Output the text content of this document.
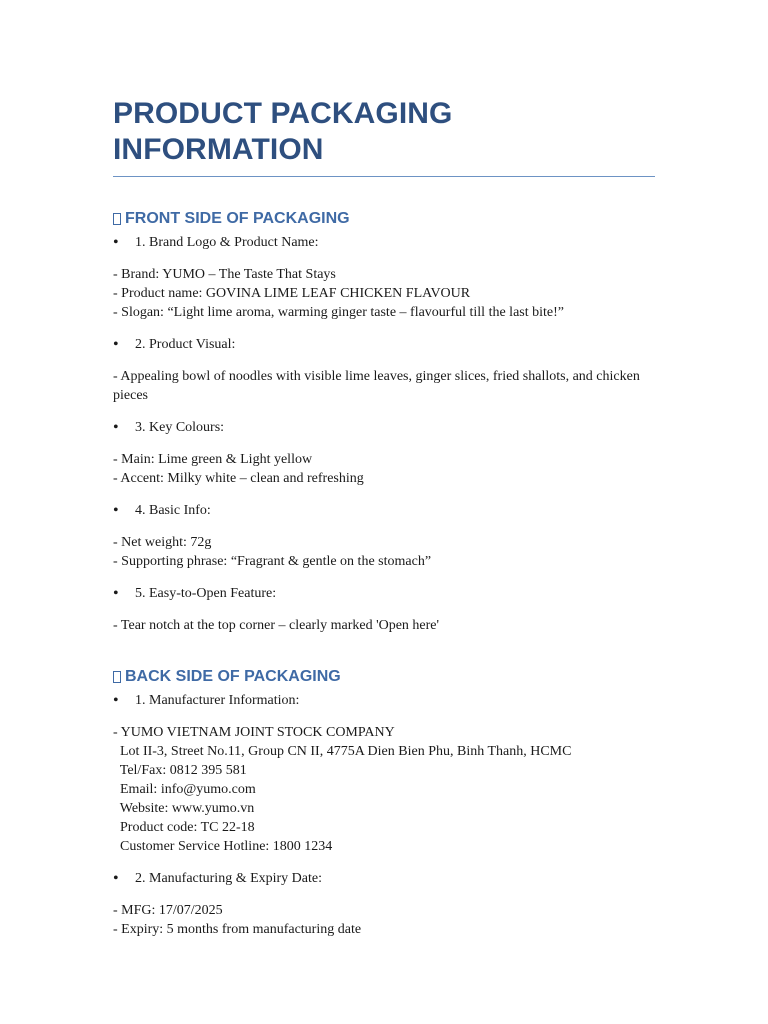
PRODUCT PACKAGING INFORMATION
FRONT SIDE OF PACKAGING
•	1. Brand Logo & Product Name:
- Brand: YUMO – The Taste That Stays
- Product name: GOVINA LIME LEAF CHICKEN FLAVOUR
- Slogan: “Light lime aroma, warming ginger taste – flavourful till the last bite!”
•	2. Product Visual:
- Appealing bowl of noodles with visible lime leaves, ginger slices, fried shallots, and chicken pieces
•	3. Key Colours:
- Main: Lime green & Light yellow
- Accent: Milky white – clean and refreshing
•	4. Basic Info:
- Net weight: 72g
- Supporting phrase: “Fragrant & gentle on the stomach”
•	5. Easy-to-Open Feature:
- Tear notch at the top corner – clearly marked 'Open here'
BACK SIDE OF PACKAGING
•	1. Manufacturer Information:
- YUMO VIETNAM JOINT STOCK COMPANY
Lot II-3, Street No.11, Group CN II, 4775A Dien Bien Phu, Binh Thanh, HCMC
Tel/Fax: 0812 395 581
Email: info@yumo.com
Website: www.yumo.vn
Product code: TC 22-18
Customer Service Hotline: 1800 1234
•	2. Manufacturing & Expiry Date:
- MFG: 17/07/2025
- Expiry: 5 months from manufacturing date
